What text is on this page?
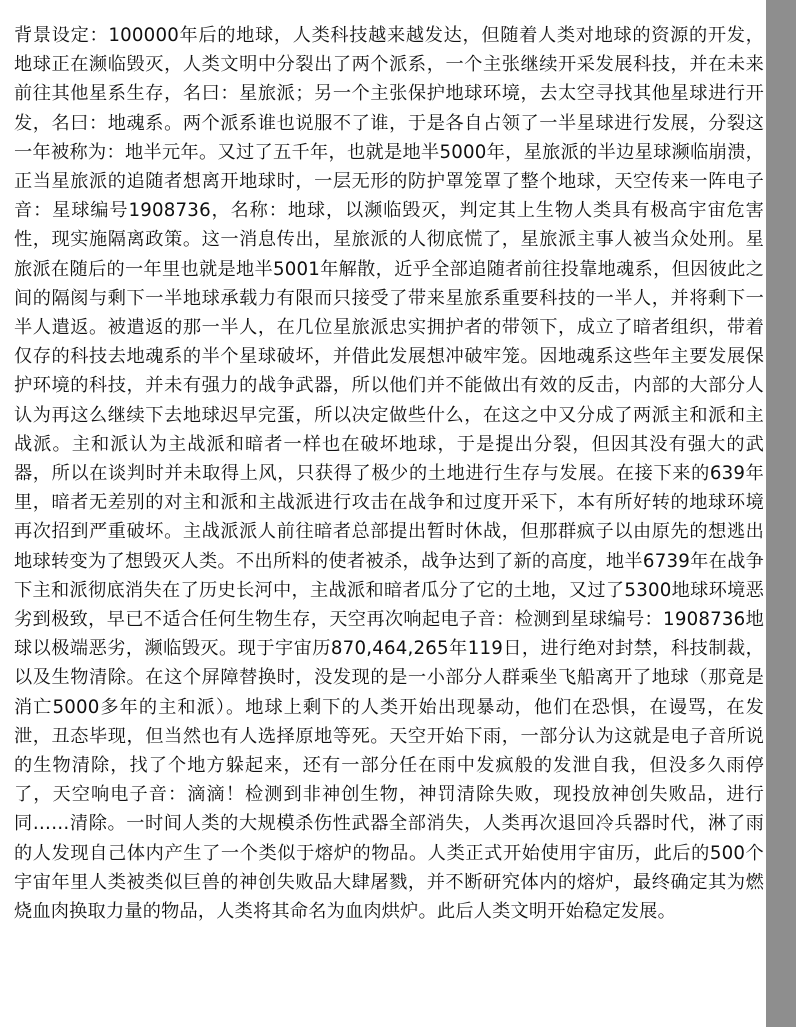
背景设定：100000年后的地球，人类科技越来越发达，但随着人类对地球的资源的开发，地球正在濒临毁灭，人类文明中分裂出了两个派系，一个主张继续开采发展科技，并在未来前往其他星系生存，名曰：星旅派；另一个主张保护地球环境，去太空寻找其他星球进行开发，名曰：地魂系。两个派系谁也说服不了谁，于是各自占领了一半星球进行发展，分裂这一年被称为：地半元年。又过了五千年，也就是地半5000年，星旅派的半边星球濒临崩溃，正当星旅派的追随者想离开地球时，一层无形的防护罩笼罩了整个地球，天空传来一阵电子音：星球编号1908736，名称：地球，以濒临毁灭，判定其上生物人类具有极高宇宙危害性，现实施隔离政策。这一消息传出，星旅派的人彻底慌了，星旅派主事人被当众处刑。星旅派在随后的一年里也就是地半5001年解散，近乎全部追随者前往投靠地魂系，但因彼此之间的隔阂与剩下一半地球承载力有限而只接受了带来星旅系重要科技的一半人，并将剩下一半人遣返。被遣返的那一半人，在几位星旅派忠实拥护者的带领下，成立了暗者组织，带着仅存的科技去地魂系的半个星球破坏，并借此发展想冲破牢笼。因地魂系这些年主要发展保护环境的科技，并未有强力的战争武器，所以他们并不能做出有效的反击，内部的大部分人认为再这么继续下去地球迟早完蛋，所以决定做些什么，在这之中又分成了两派主和派和主战派。主和派认为主战派和暗者一样也在破坏地球，于是提出分裂，但因其没有强大的武器，所以在谈判时并未取得上风，只获得了极少的土地进行生存与发展。在接下来的639年里，暗者无差别的对主和派和主战派进行攻击在战争和过度开采下，本有所好转的地球环境再次招到严重破坏。主战派派人前往暗者总部提出暂时休战，但那群疯子以由原先的想逃出地球转变为了想毁灭人类。不出所料的使者被杀，战争达到了新的高度，地半6739年在战争下主和派彻底消失在了历史长河中，主战派和暗者瓜分了它的土地，又过了5300地球环境恶劣到极致，早已不适合任何生物生存，天空再次响起电子音：检测到星球编号：1908736地球以极端恶劣，濒临毁灭。现于宇宙历870,464,265年119日，进行绝对封禁，科技制裁，以及生物清除。在这个屏障替换时，没发现的是一小部分人群乘坐飞船离开了地球（那竟是消亡5000多年的主和派）。地球上剩下的人类开始出现暴动，他们在恐惧，在谩骂，在发泄，丑态毕现，但当然也有人选择原地等死。天空开始下雨，一部分认为这就是电子音所说的生物清除，找了个地方躲起来，还有一部分任在雨中发疯般的发泄自我，但没多久雨停了，天空响电子音：滴滴！检测到非神创生物，神罚清除失败，现投放神创失败品，进行同……清除。一时间人类的大规模杀伤性武器全部消失，人类再次退回冷兵器时代，淋了雨的人发现自己体内产生了一个类似于熔炉的物品。人类正式开始使用宇宙历，此后的500个宇宙年里人类被类似巨兽的神创失败品大肆屠戮，并不断研究体内的熔炉，最终确定其为燃烧血肉换取力量的物品，人类将其命名为血肉烘炉。此后人类文明开始稳定发展。
